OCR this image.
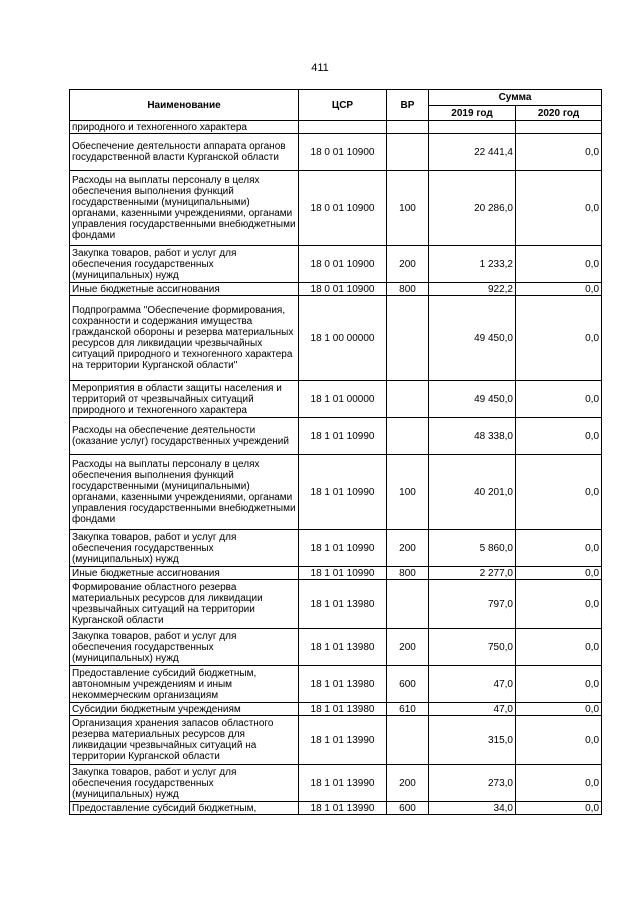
411
Наименование	ЦСР	ВР	Сумма	
			2019 год	2020 год
природного и техногенного характера				
Обеспечение деятельности аппарата органов государственной власти Курганской области	18 0 01 10900		22 441,4	0,0
Расходы на выплаты персоналу в целях обеспечения выполнения функций государственными (муниципальными) органами, казенными учреждениями, органами управления государственными внебюджетными фондами	18 0 01 10900	100	20 286,0	0,0
Закупка товаров, работ и услуг для обеспечения государственных (муниципальных) нужд	18 0 01 10900	200	1 233,2	0,0
Иные бюджетные ассигнования	18 0 01 10900	800	922,2	0,0
Подпрограмма "Обеспечение формирования, сохранности и содержания имущества гражданской обороны и резерва материальных ресурсов для ликвидации чрезвычайных ситуаций природного и техногенного характера на территории Курганской области"	18 1 00 00000		49 450,0	0,0
Мероприятия в области защиты населения и территорий от чрезвычайных ситуаций природного и техногенного характера	18 1 01 00000		49 450,0	0,0
Расходы на обеспечение деятельности (оказание услуг) государственных учреждений	18 1 01 10990		48 338,0	0,0
Расходы на выплаты персоналу в целях обеспечения выполнения функций государственными (муниципальными) органами, казенными учреждениями, органами управления государственными внебюджетными фондами	18 1 01 10990	100	40 201,0	0,0
Закупка товаров, работ и услуг для обеспечения государственных (муниципальных) нужд	18 1 01 10990	200	5 860,0	0,0
Иные бюджетные ассигнования	18 1 01 10990	800	2 277,0	0,0
Формирование областного резерва материальных ресурсов для ликвидации чрезвычайных ситуаций на территории Курганской области	18 1 01 13980		797,0	0,0
Закупка товаров, работ и услуг для обеспечения государственных (муниципальных) нужд	18 1 01 13980	200	750,0	0,0
Предоставление субсидий бюджетным, автономным учреждениям и иным некоммерческим организациям	18 1 01 13980	600	47,0	0,0
Субсидии бюджетным учреждениям	18 1 01 13980	610	47,0	0,0
Организация хранения запасов областного резерва материальных ресурсов для ликвидации чрезвычайных ситуаций на территории Курганской области	18 1 01 13990		315,0	0,0
Закупка товаров, работ и услуг для обеспечения государственных (муниципальных) нужд	18 1 01 13990	200	273,0	0,0
Предоставление субсидий бюджетным,	18 1 01 13990	600	34,0	0,0
